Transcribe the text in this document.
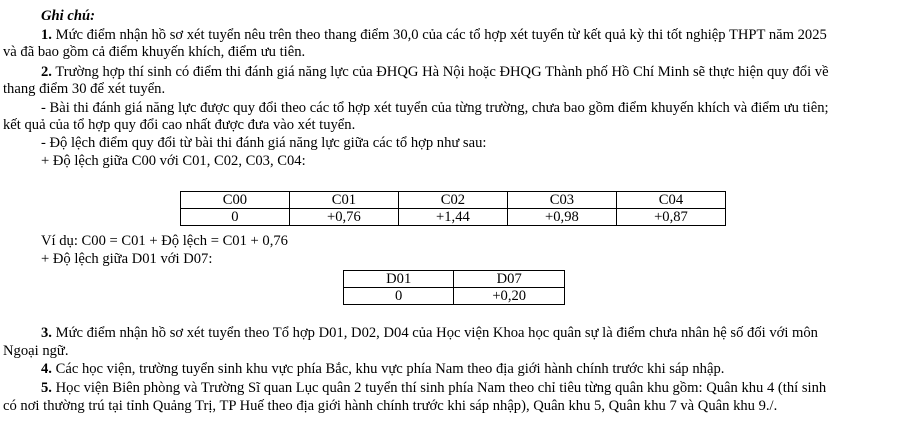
Ghi chú:
1. Mức điểm nhận hồ sơ xét tuyển nêu trên theo thang điểm 30,0 của các tổ hợp xét tuyển từ kết quả kỳ thi tốt nghiệp THPT năm 2025
và đã bao gồm cả điểm khuyến khích, điểm ưu tiên.
2. Trường hợp thí sinh có điểm thi đánh giá năng lực của ĐHQG Hà Nội hoặc ĐHQG Thành phố Hồ Chí Minh sẽ thực hiện quy đổi về
thang điểm 30 để xét tuyển.
- Bài thi đánh giá năng lực được quy đổi theo các tổ hợp xét tuyển của từng trường, chưa bao gồm điểm khuyến khích và điểm ưu tiên;
kết quả của tổ hợp quy đổi cao nhất được đưa vào xét tuyển.
- Độ lệch điểm quy đổi từ bài thi đánh giá năng lực giữa các tổ hợp như sau:
+ Độ lệch giữa C00 với C01, C02, C03, C04:
C00	C01	C02	C03	C04
0	+0,76	+1,44	+0,98	+0,87
Ví dụ: C00 = C01 + Độ lệch = C01 + 0,76
+ Độ lệch giữa D01 với D07:
D01	D07
0	+0,20
3. Mức điểm nhận hồ sơ xét tuyển theo Tổ hợp D01, D02, D04 của Học viện Khoa học quân sự là điểm chưa nhân hệ số đối với môn
Ngoại ngữ.
4. Các học viện, trường tuyển sinh khu vực phía Bắc, khu vực phía Nam theo địa giới hành chính trước khi sáp nhập.
5. Học viện Biên phòng và Trường Sĩ quan Lục quân 2 tuyển thí sinh phía Nam theo chỉ tiêu từng quân khu gồm: Quân khu 4 (thí sinh
có nơi thường trú tại tỉnh Quảng Trị, TP Huế theo địa giới hành chính trước khi sáp nhập), Quân khu 5, Quân khu 7 và Quân khu 9./.
